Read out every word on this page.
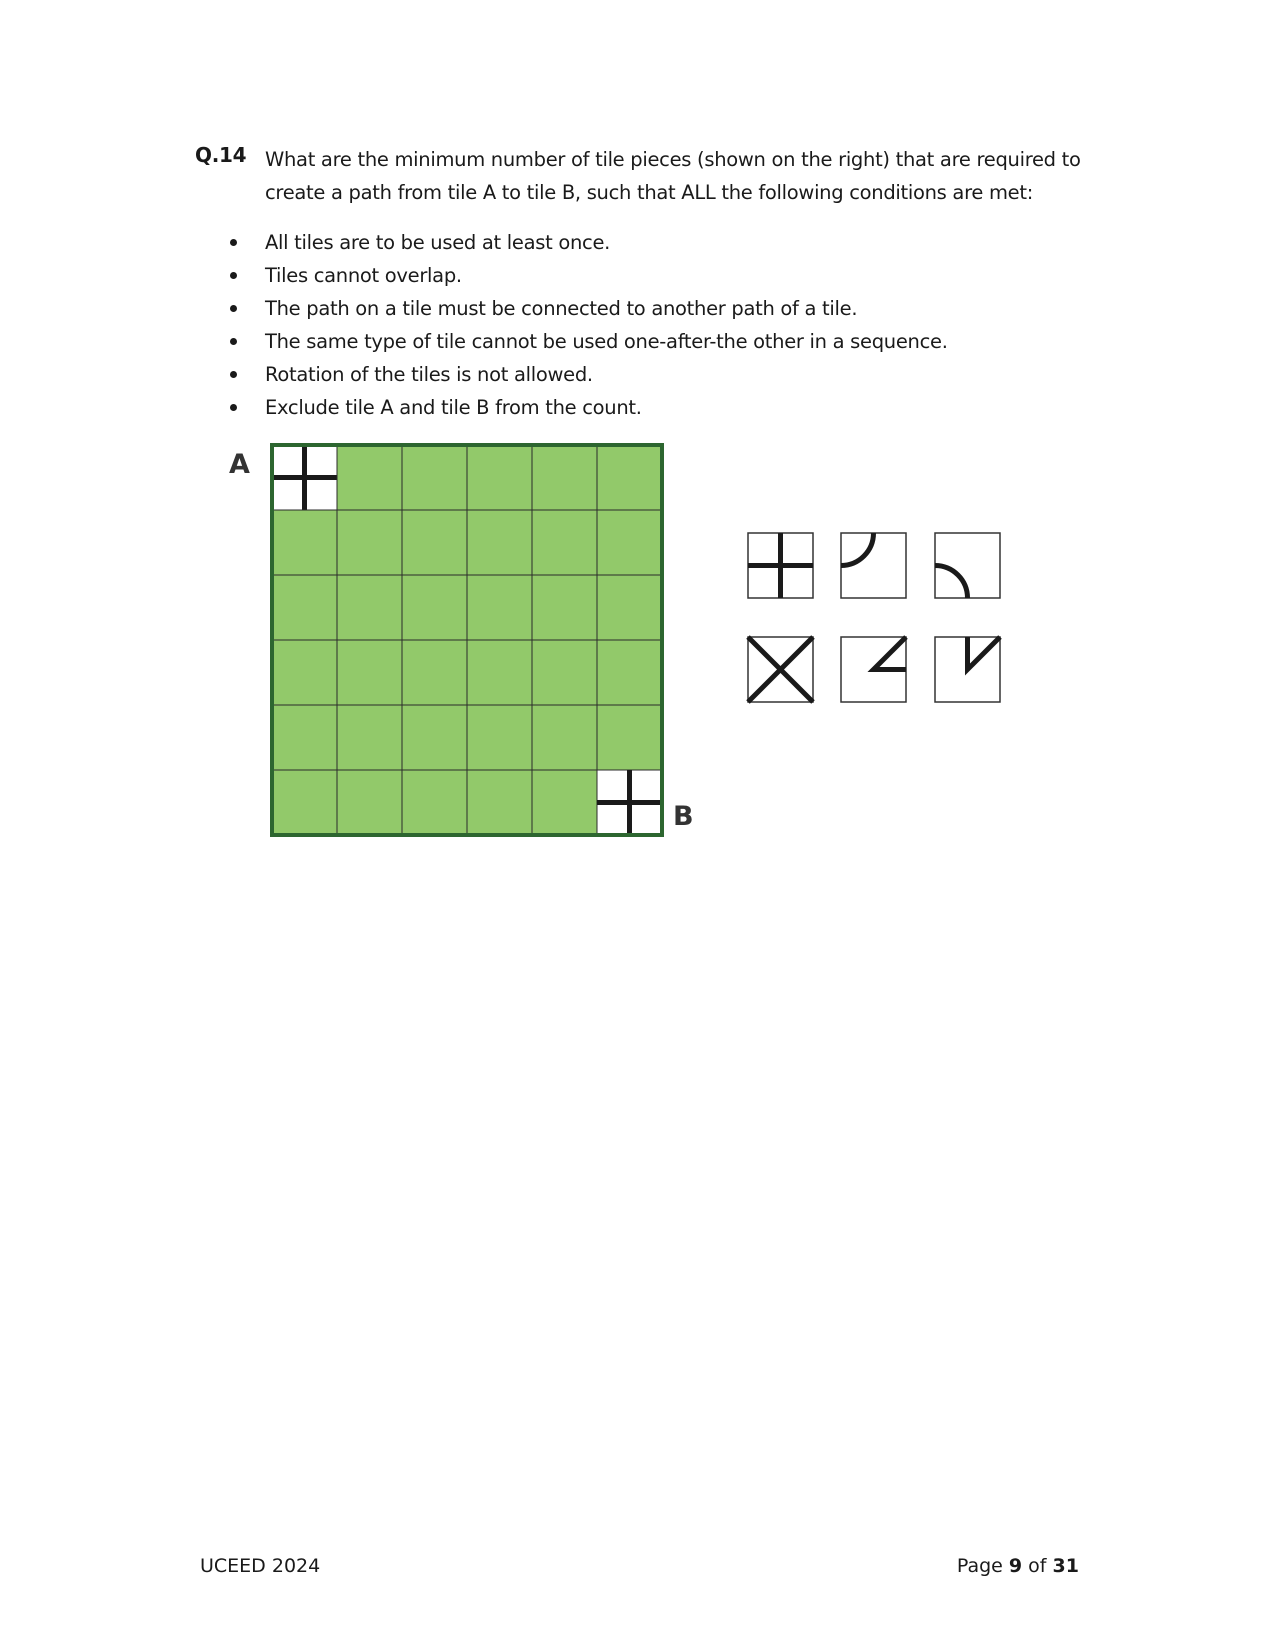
Q.14 What are the minimum number of tile pieces (shown on the right) that are required to create a path from tile A to tile B, such that ALL the following conditions are met:
All tiles are to be used at least once.
Tiles cannot overlap.
The path on a tile must be connected to another path of a tile.
The same type of tile cannot be used one-after-the other in a sequence.
Rotation of the tiles is not allowed.
Exclude tile A and tile B from the count.
A
B
UCEED 2024	Page 9 of 31
